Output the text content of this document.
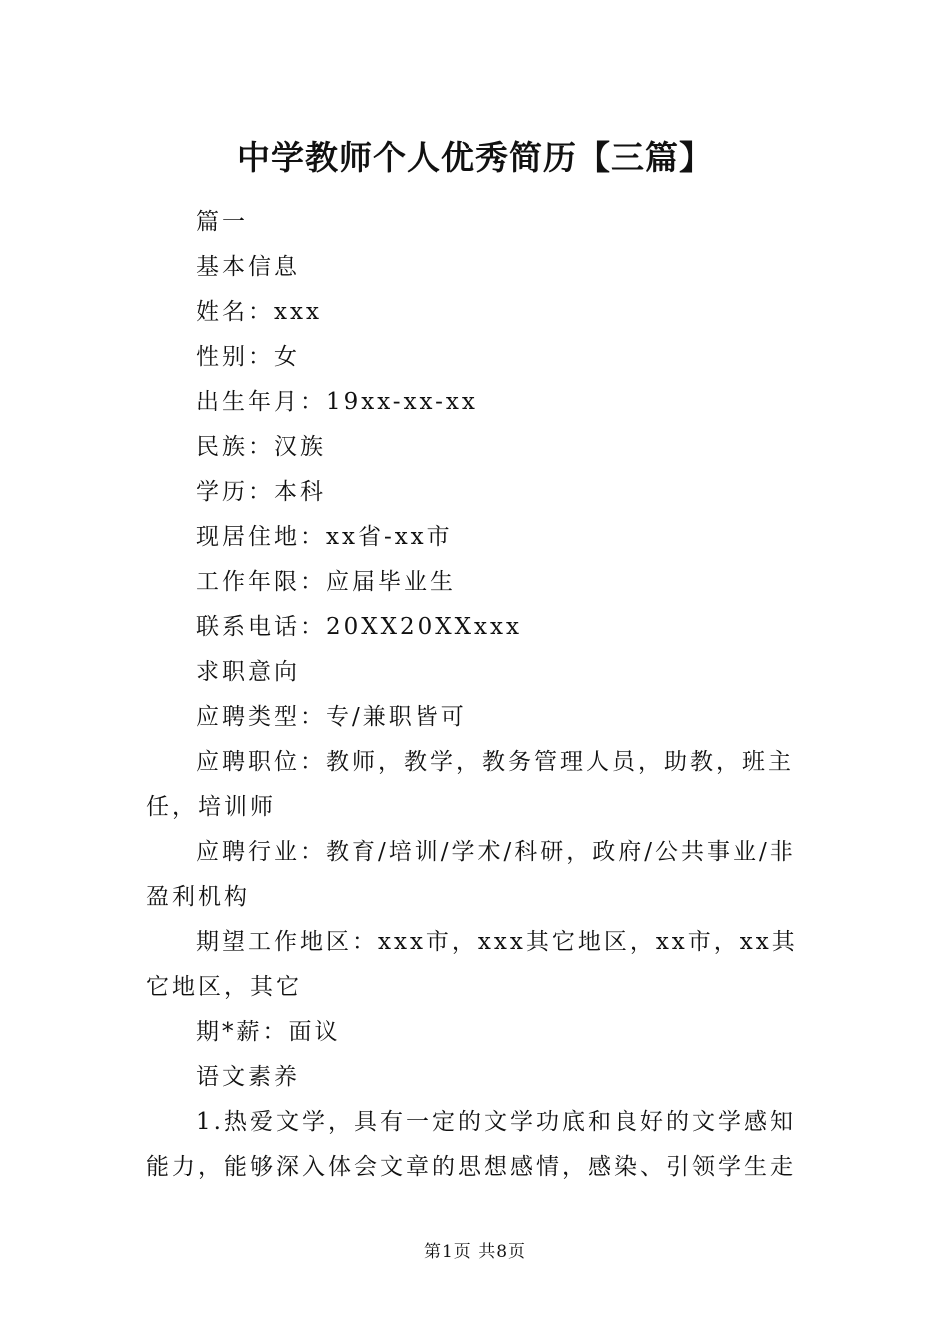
中学教师个人优秀简历【三篇】

篇一

基本信息

姓名：xxx

性别：女

出生年月：19xx-xx-xx

民族：汉族

学历：本科

现居住地：xx省-xx市

工作年限：应届毕业生

联系电话：20XX20XXxxx

求职意向

应聘类型：专/兼职皆可

应聘职位：教师，教学，教务管理人员，助教，班主任，培训师

应聘行业：教育/培训/学术/科研，政府/公共事业/非盈利机构

期望工作地区：xxx市，xxx其它地区，xx市，xx其它地区，其它

期*薪：面议

语文素养

1.热爱文学，具有一定的文学功底和良好的文学感知能力，能够深入体会文章的思想感情，感染、引领学生走

第1页 共8页
